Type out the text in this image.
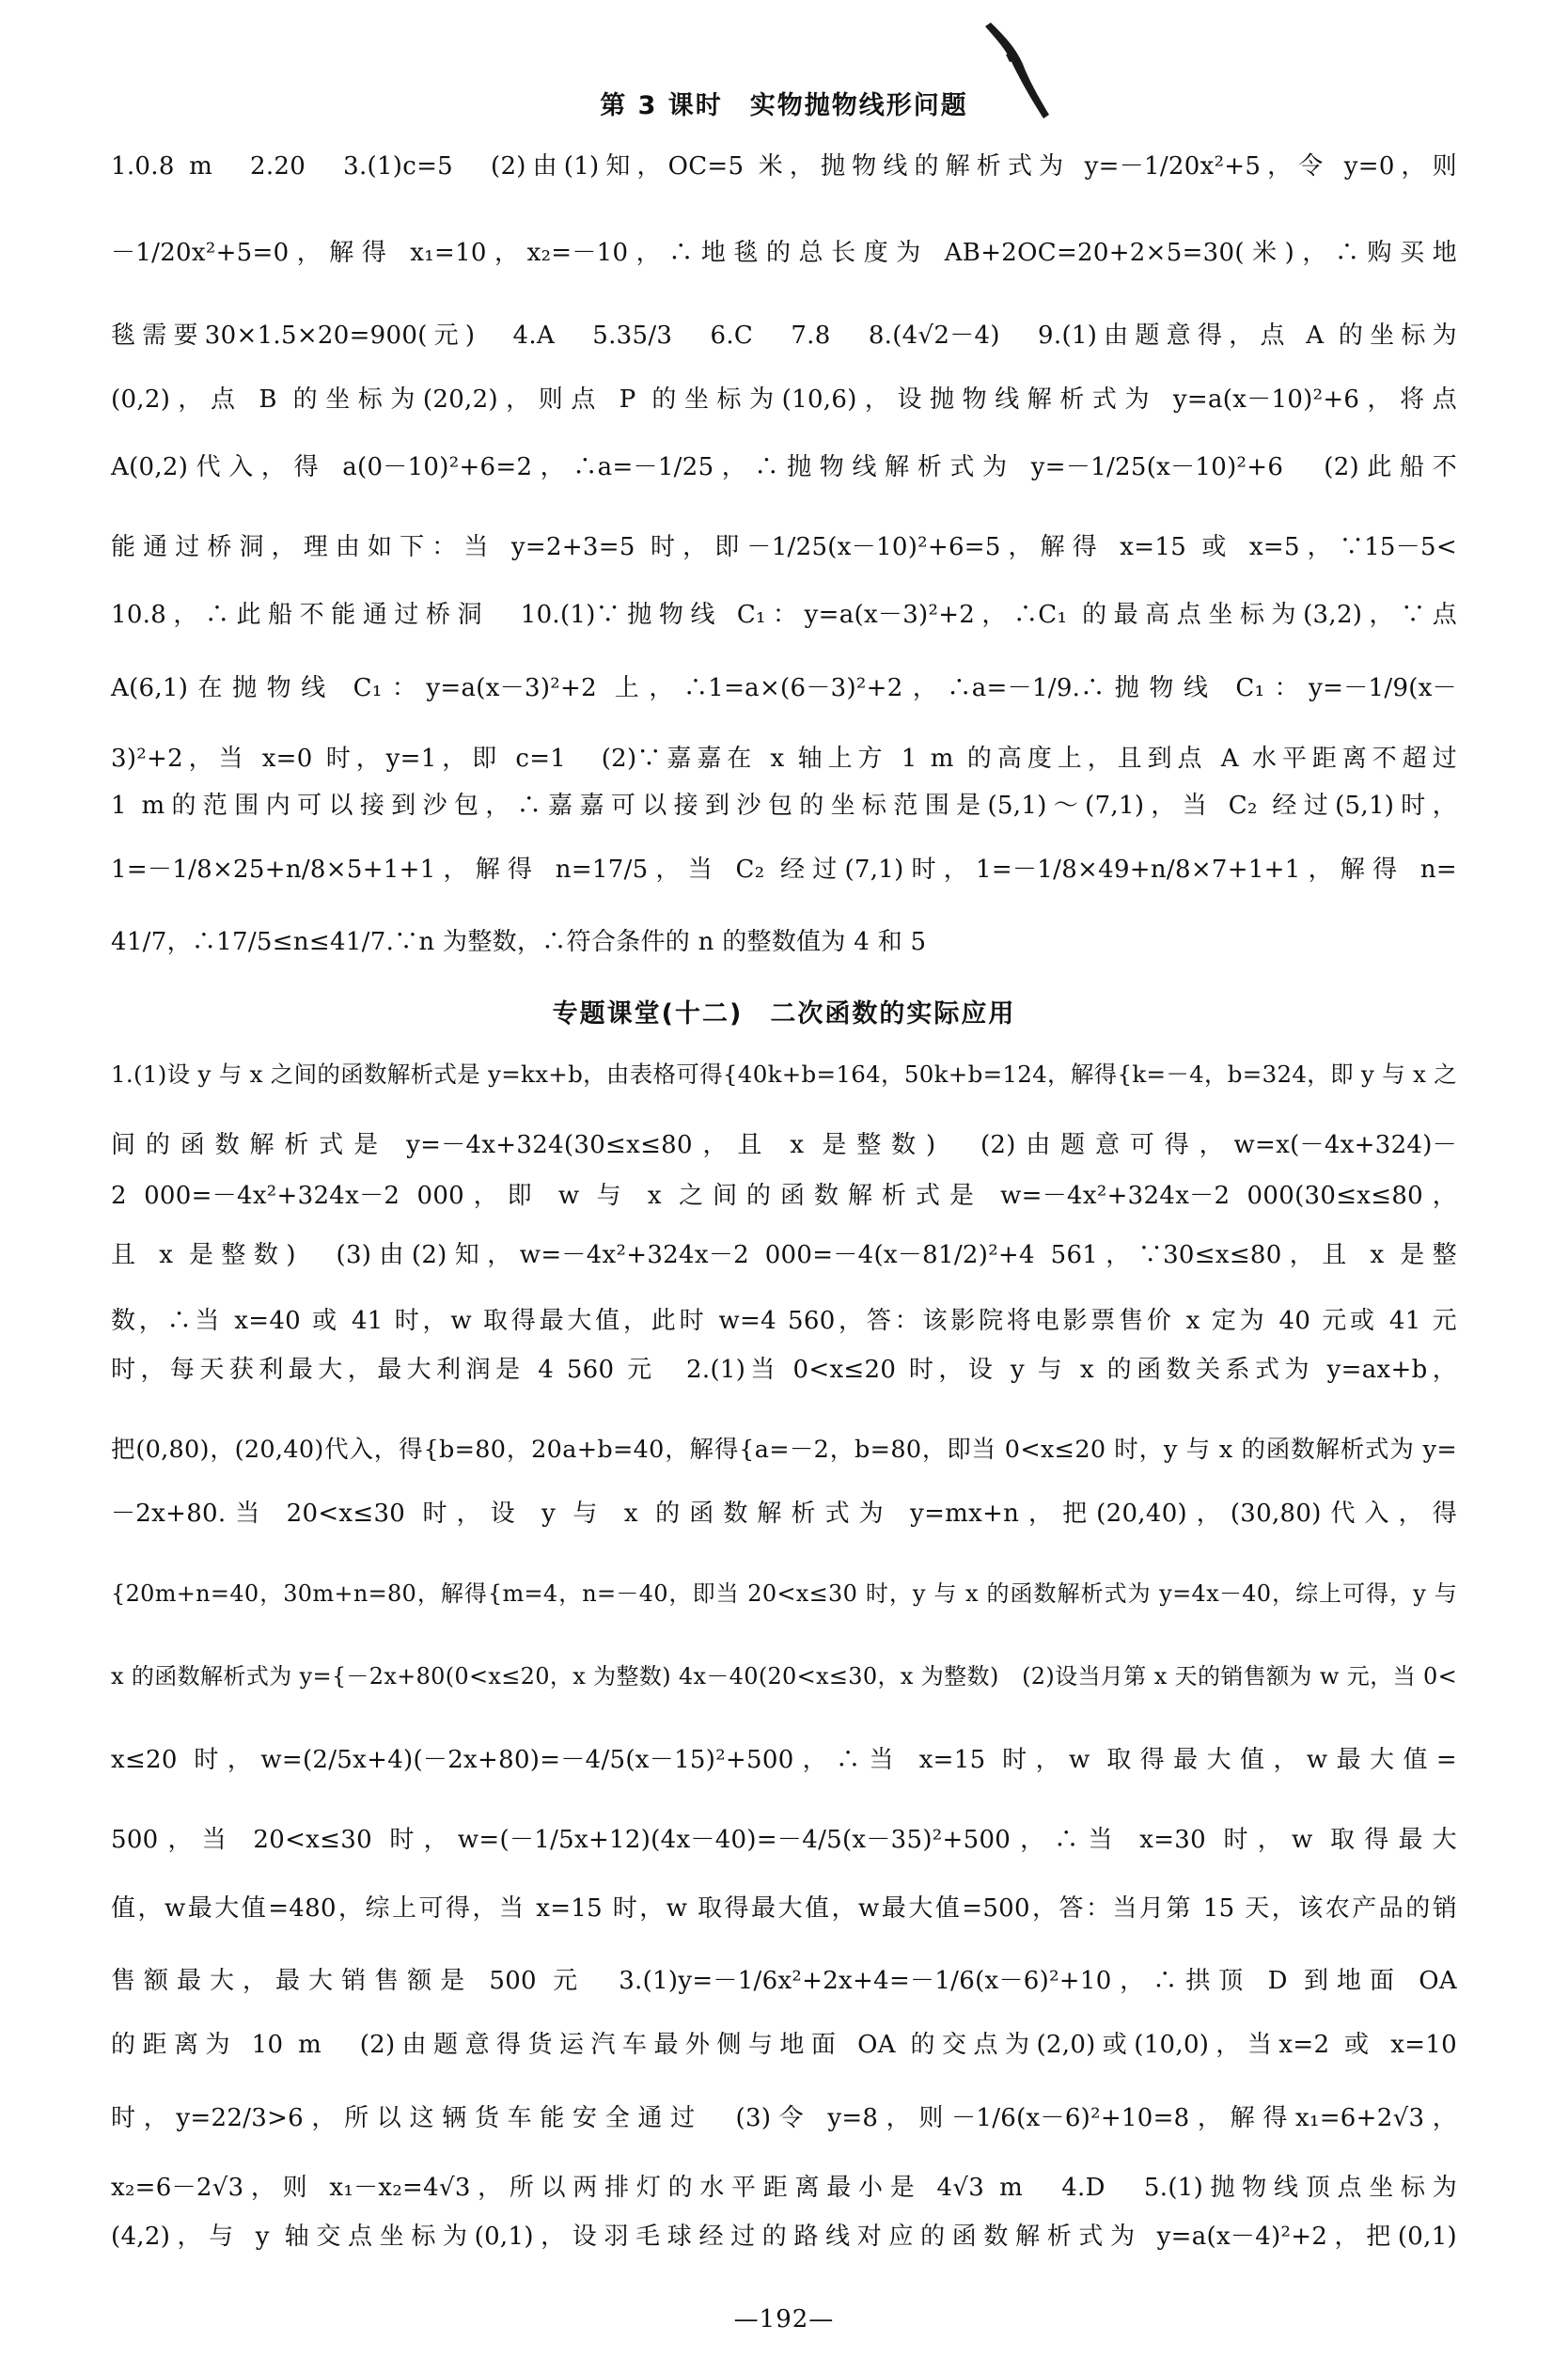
第 3 课时　实物抛物线形问题
1.0.8 m　2.20　3.(1)c=5　(2)由(1)知，OC=5 米，抛物线的解析式为 y=－1/20x²+5，令 y=0，则
－1/20x²+5=0，解得 x₁=10，x₂=－10，∴地毯的总长度为 AB+2OC=20+2×5=30(米)，∴购买地
毯需要30×1.5×20=900(元)　4.A　5.35/3　6.C　7.8　8.(4√2－4)　9.(1)由题意得，点 A 的坐标为
(0,2)，点 B 的坐标为(20,2)，则点 P 的坐标为(10,6)，设抛物线解析式为 y=a(x－10)²+6，将点
A(0,2)代入，得 a(0－10)²+6=2，∴a=－1/25，∴抛物线解析式为 y=－1/25(x－10)²+6　(2)此船不
能通过桥洞，理由如下：当 y=2+3=5 时，即－1/25(x－10)²+6=5，解得 x=15 或 x=5，∵15－5<
10.8，∴此船不能通过桥洞　10.(1)∵抛物线 C₁：y=a(x－3)²+2，∴C₁ 的最高点坐标为(3,2)，∵点
A(6,1)在抛物线 C₁：y=a(x－3)²+2 上，∴1=a×(6－3)²+2，∴a=－1/9.∴抛物线 C₁：y=－1/9(x－
3)²+2，当 x=0 时，y=1，即 c=1　(2)∵嘉嘉在 x 轴上方 1 m 的高度上，且到点 A 水平距离不超过
1 m的范围内可以接到沙包，∴嘉嘉可以接到沙包的坐标范围是(5,1)～(7,1)，当 C₂ 经过(5,1)时，
1=－1/8×25+n/8×5+1+1，解得 n=17/5，当 C₂ 经过(7,1)时，1=－1/8×49+n/8×7+1+1，解得 n=
41/7，∴17/5≤n≤41/7.∵n 为整数，∴符合条件的 n 的整数值为 4 和 5
专题课堂(十二)　二次函数的实际应用
1.(1)设 y 与 x 之间的函数解析式是 y=kx+b，由表格可得{40k+b=164，50k+b=124，解得{k=－4，b=324，即 y 与 x 之
间的函数解析式是 y=－4x+324(30≤x≤80，且 x 是整数)　(2)由题意可得，w=x(－4x+324)－
2 000=－4x²+324x－2 000，即 w 与 x 之间的函数解析式是 w=－4x²+324x－2 000(30≤x≤80，
且 x 是整数)　(3)由(2)知，w=－4x²+324x－2 000=－4(x－81/2)²+4 561，∵30≤x≤80，且 x 是整
数，∴当 x=40 或 41 时，w 取得最大值，此时 w=4 560，答：该影院将电影票售价 x 定为 40 元或 41 元
时，每天获利最大，最大利润是 4 560 元　2.(1)当 0<x≤20 时，设 y 与 x 的函数关系式为 y=ax+b，
把(0,80)，(20,40)代入，得{b=80，20a+b=40，解得{a=－2，b=80，即当 0<x≤20 时，y 与 x 的函数解析式为 y=
－2x+80.当 20<x≤30 时，设 y 与 x 的函数解析式为 y=mx+n，把(20,40)，(30,80)代入，得
{20m+n=40，30m+n=80，解得{m=4，n=－40，即当 20<x≤30 时，y 与 x 的函数解析式为 y=4x－40，综上可得，y 与
x 的函数解析式为 y={－2x+80(0<x≤20，x 为整数) 4x－40(20<x≤30，x 为整数)　(2)设当月第 x 天的销售额为 w 元，当 0<
x≤20 时，w=(2/5x+4)(－2x+80)=－4/5(x－15)²+500，∴当 x=15 时，w 取得最大值，w最大值=
500，当 20<x≤30 时，w=(－1/5x+12)(4x－40)=－4/5(x－35)²+500，∴当 x=30 时，w 取得最大
值，w最大值=480，综上可得，当 x=15 时，w 取得最大值，w最大值=500，答：当月第 15 天，该农产品的销
售额最大，最大销售额是 500 元　3.(1)y=－1/6x²+2x+4=－1/6(x－6)²+10，∴拱顶 D 到地面 OA
的距离为 10 m　(2)由题意得货运汽车最外侧与地面 OA 的交点为(2,0)或(10,0)，当x=2 或 x=10
时，y=22/3>6，所以这辆货车能安全通过　(3)令 y=8，则－1/6(x－6)²+10=8，解得x₁=6+2√3，
x₂=6－2√3，则 x₁－x₂=4√3，所以两排灯的水平距离最小是 4√3 m　4.D　5.(1)抛物线顶点坐标为
(4,2)，与 y 轴交点坐标为(0,1)，设羽毛球经过的路线对应的函数解析式为 y=a(x－4)²+2，把(0,1)
—192—
